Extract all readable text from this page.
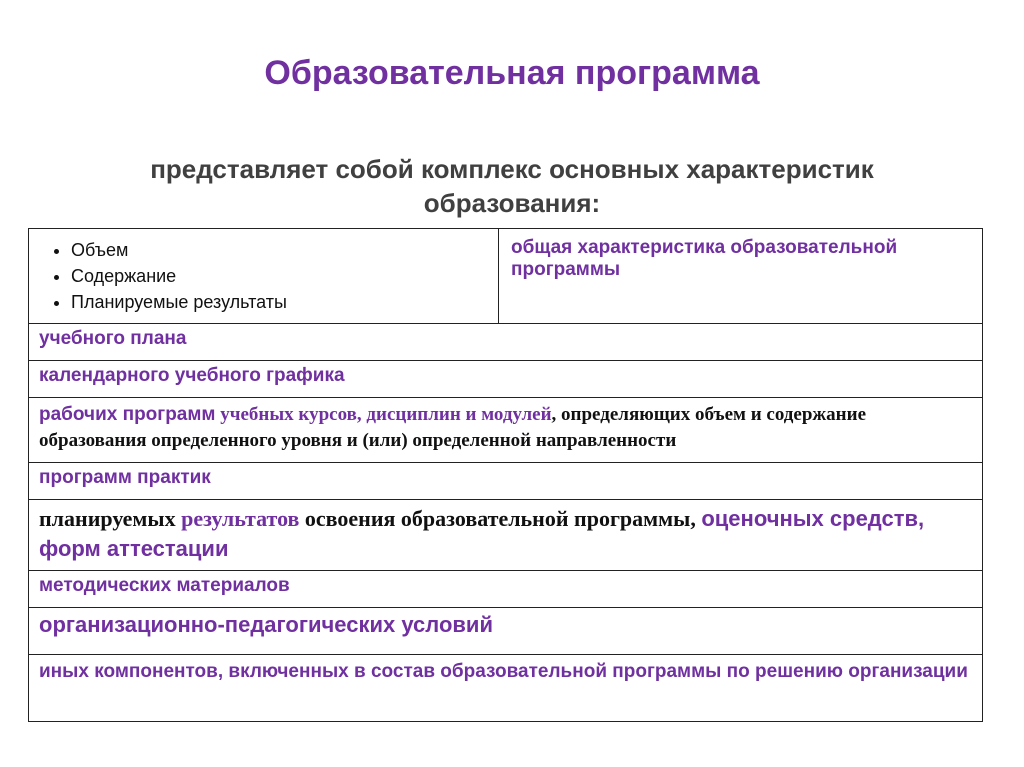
Образовательная программа
представляет собой комплекс основных характеристик образования:
• Объем
• Содержание
• Планируемые результаты
	общая характеристика образовательной программы
учебного плана
календарного учебного графика
рабочих программ учебных курсов, дисциплин и модулей, определяющих объем и содержание образования определенного уровня и (или) определенной направленности
программ практик
планируемых результатов освоения образовательной программы, оценочных средств, форм аттестации
методических материалов
организационно-педагогических условий
иных компонентов, включенных в состав образовательной программы по решению организации
